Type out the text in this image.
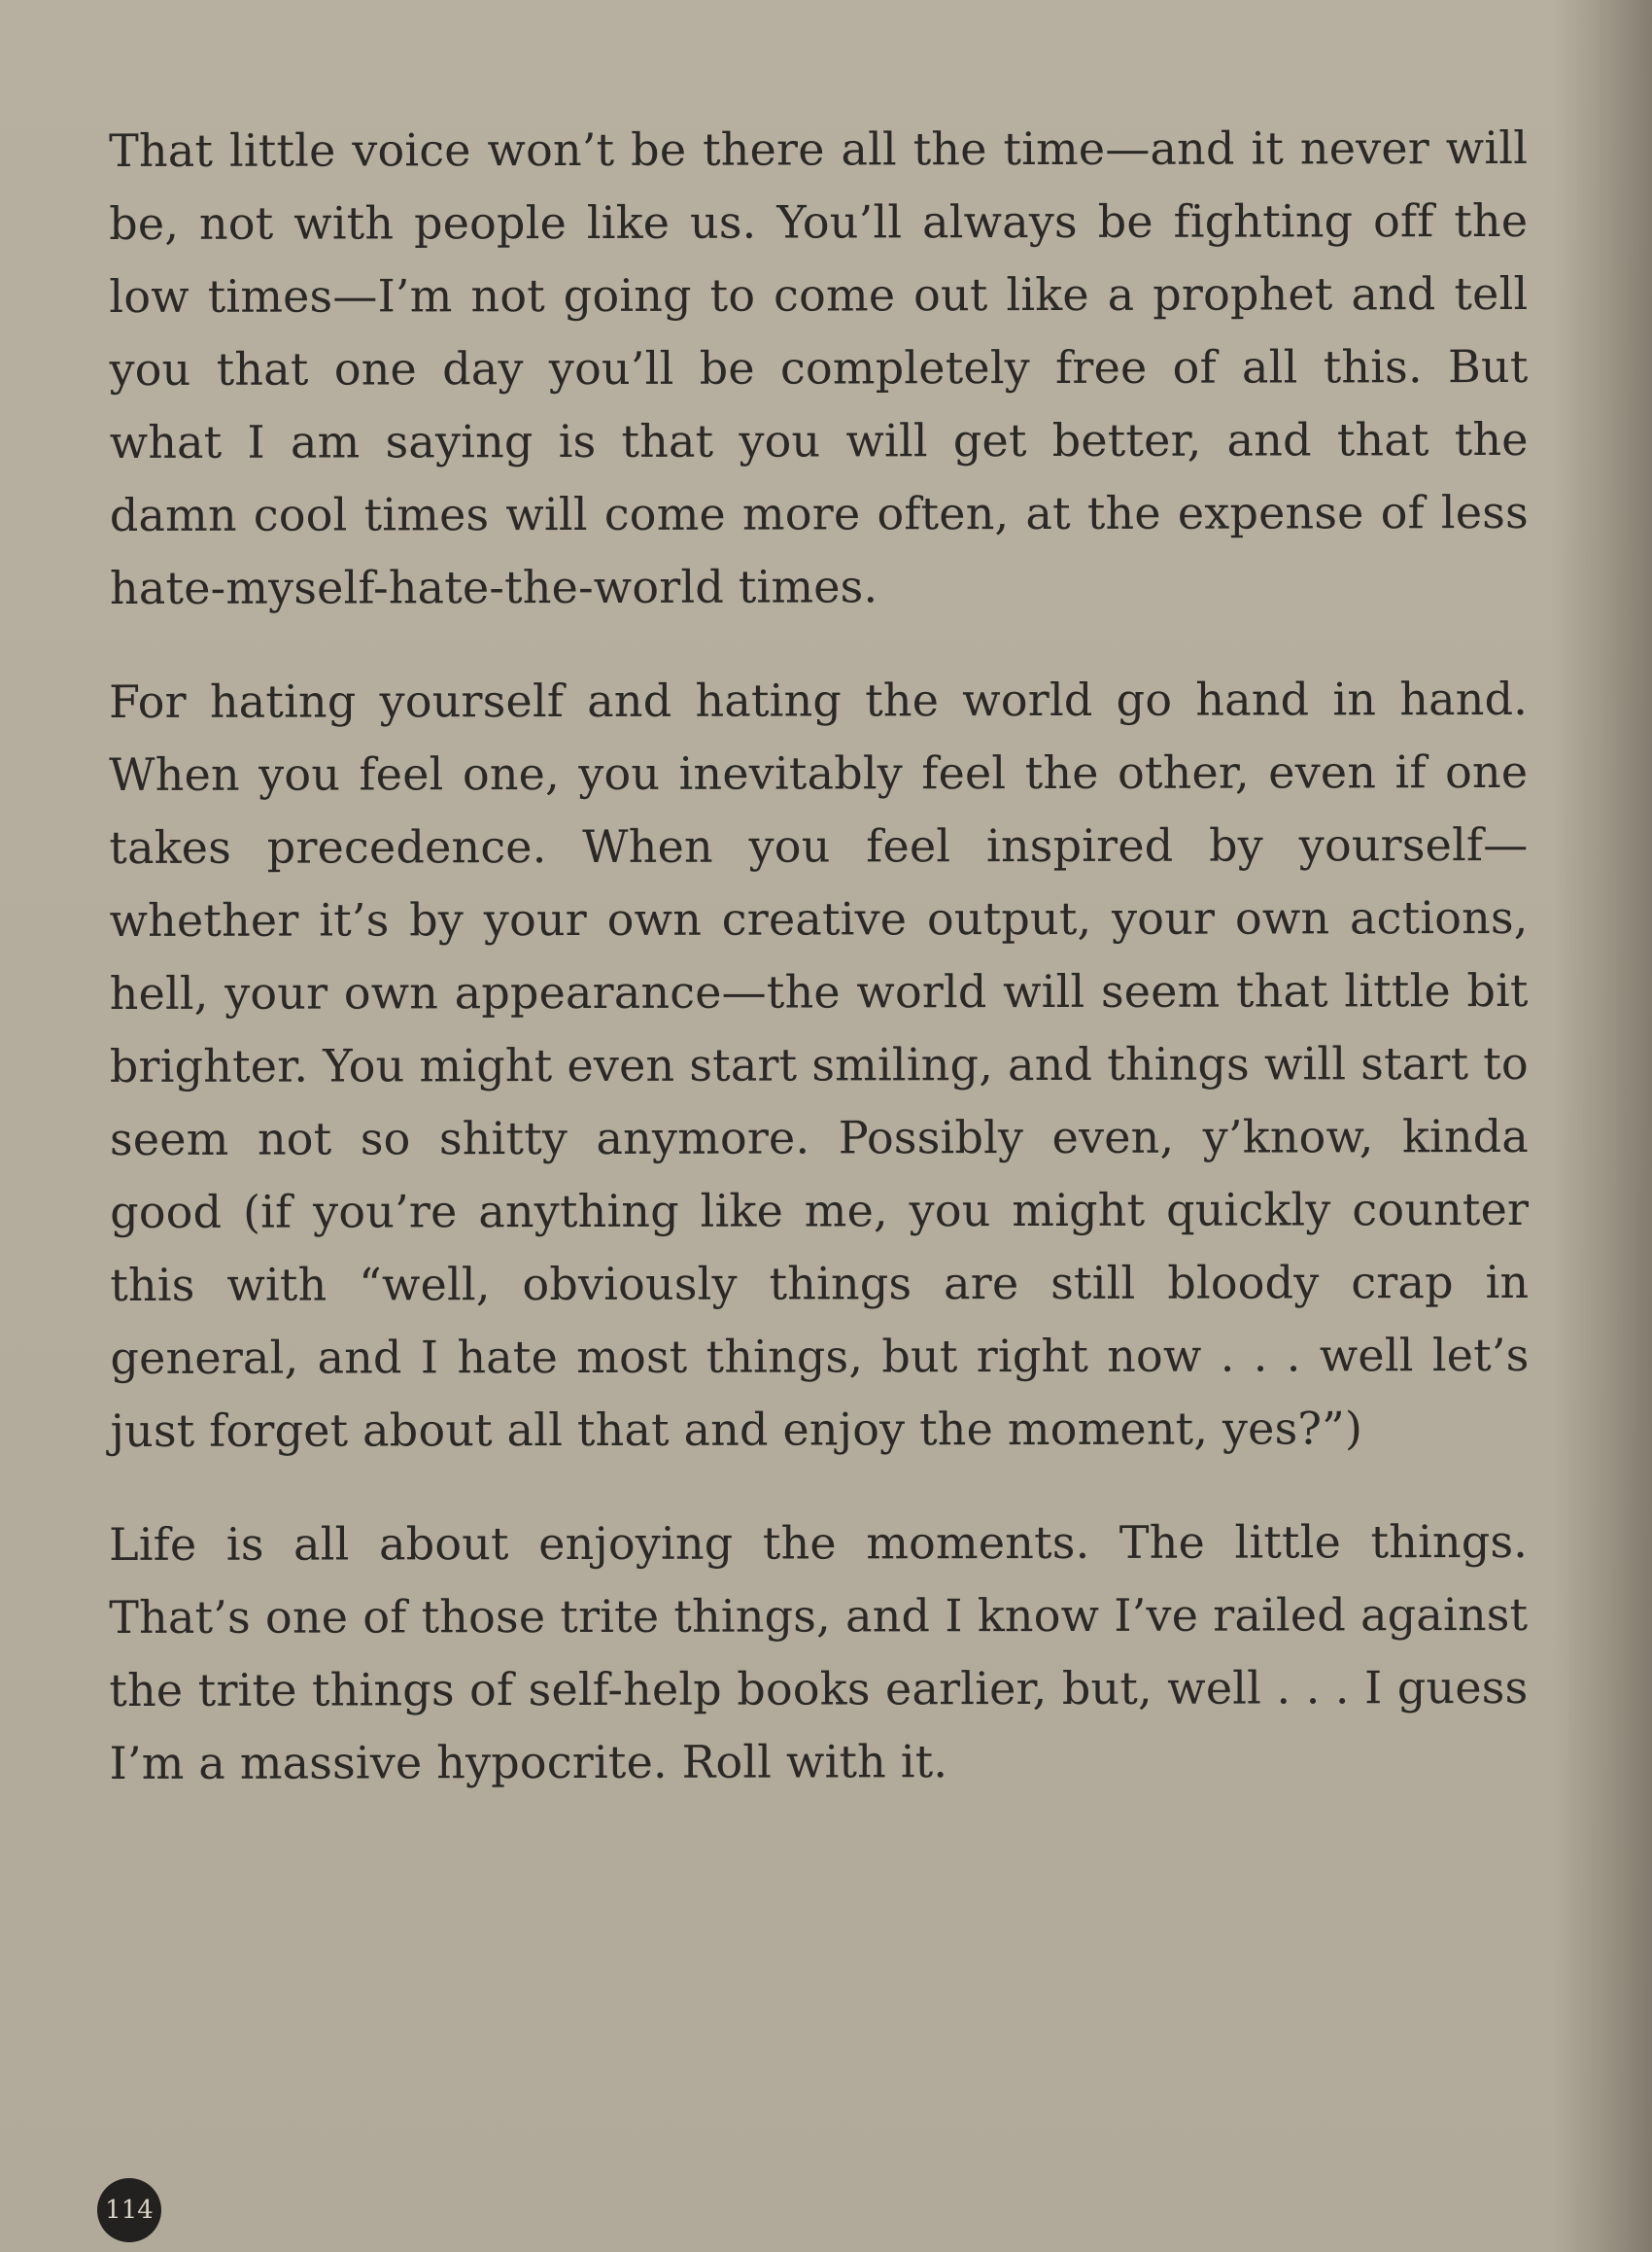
That little voice won’t be there all the time—and it never will be, not with people like us. You’ll always be fighting off the low times—I’m not going to come out like a prophet and tell you that one day you’ll be completely free of all this. But what I am saying is that you will get better, and that the damn cool times will come more often, at the expense of less hate-myself-hate-the-world times.

For hating yourself and hating the world go hand in hand. When you feel one, you inevitably feel the other, even if one takes precedence. When you feel inspired by yourself—whether it’s by your own creative output, your own actions, hell, your own appearance—the world will seem that little bit brighter. You might even start smiling, and things will start to seem not so shitty anymore. Possibly even, y’know, kinda good (if you’re anything like me, you might quickly counter this with “well, obviously things are still bloody crap in general, and I hate most things, but right now . . . well let’s just forget about all that and enjoy the moment, yes?”)

Life is all about enjoying the moments. The little things. That’s one of those trite things, and I know I’ve railed against the trite things of self-help books earlier, but, well . . . I guess I’m a massive hypocrite. Roll with it.

114
